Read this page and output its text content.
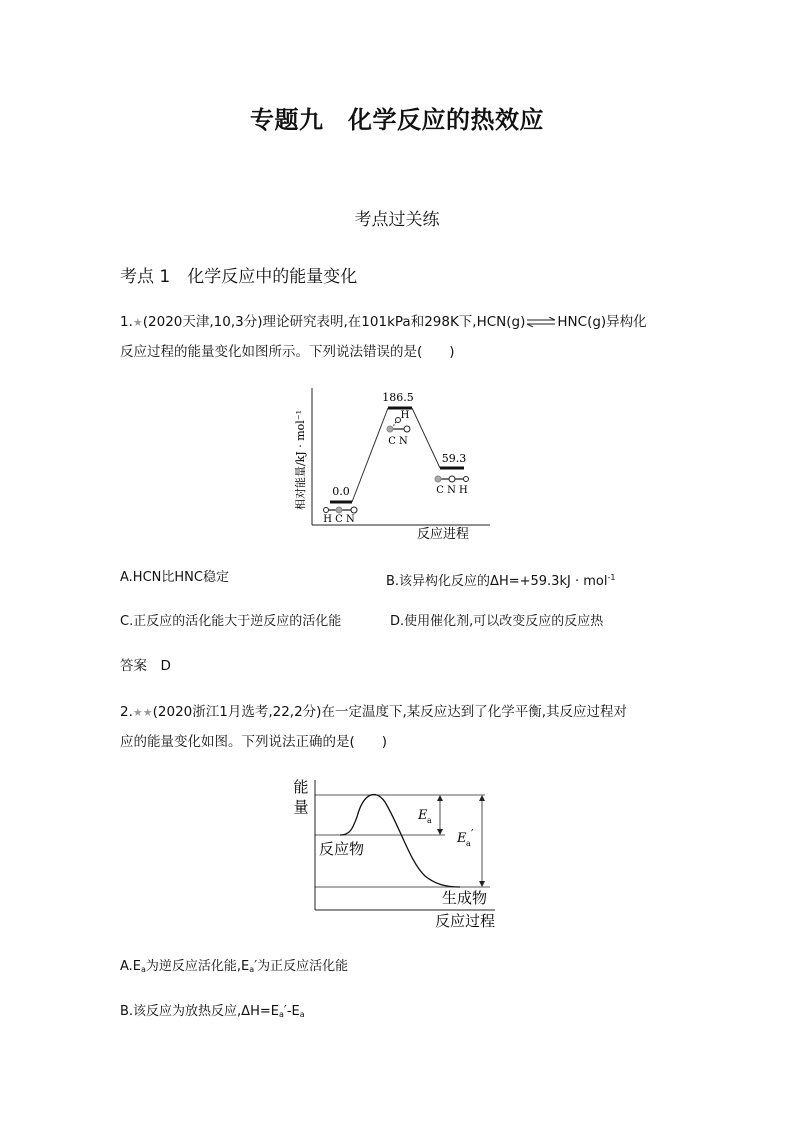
专题九　化学反应的热效应
考点过关练
考点 1　化学反应中的能量变化
1.★(2020天津,10,3分)理论研究表明,在101kPa和298K下,HCN(g)⇌HNC(g)异构化
反应过程的能量变化如图所示。下列说法错误的是(　　)
相对能量/kJ · mol⁻¹
反应进程
0.0
186.5
59.3
H C N
H
C N
C N H
A.HCN比HNC稳定	B.该异构化反应的ΔH=+59.3kJ · mol$^{-1}$
C.正反应的活化能大于逆反应的活化能	D.使用催化剂,可以改变反应的反应热
答案　D
2.★★(2020浙江1月选考,22,2分)在一定温度下,某反应达到了化学平衡,其反应过程对
应的能量变化如图。下列说法正确的是(　　)
能
量
反应过程
E a
E a
′
反应物
生成物
$A.E_a$为逆反应活化能$,E_a'$为正反应活化能
B.该反应为放热反应$,\Delta H=E_a'-E_a$
